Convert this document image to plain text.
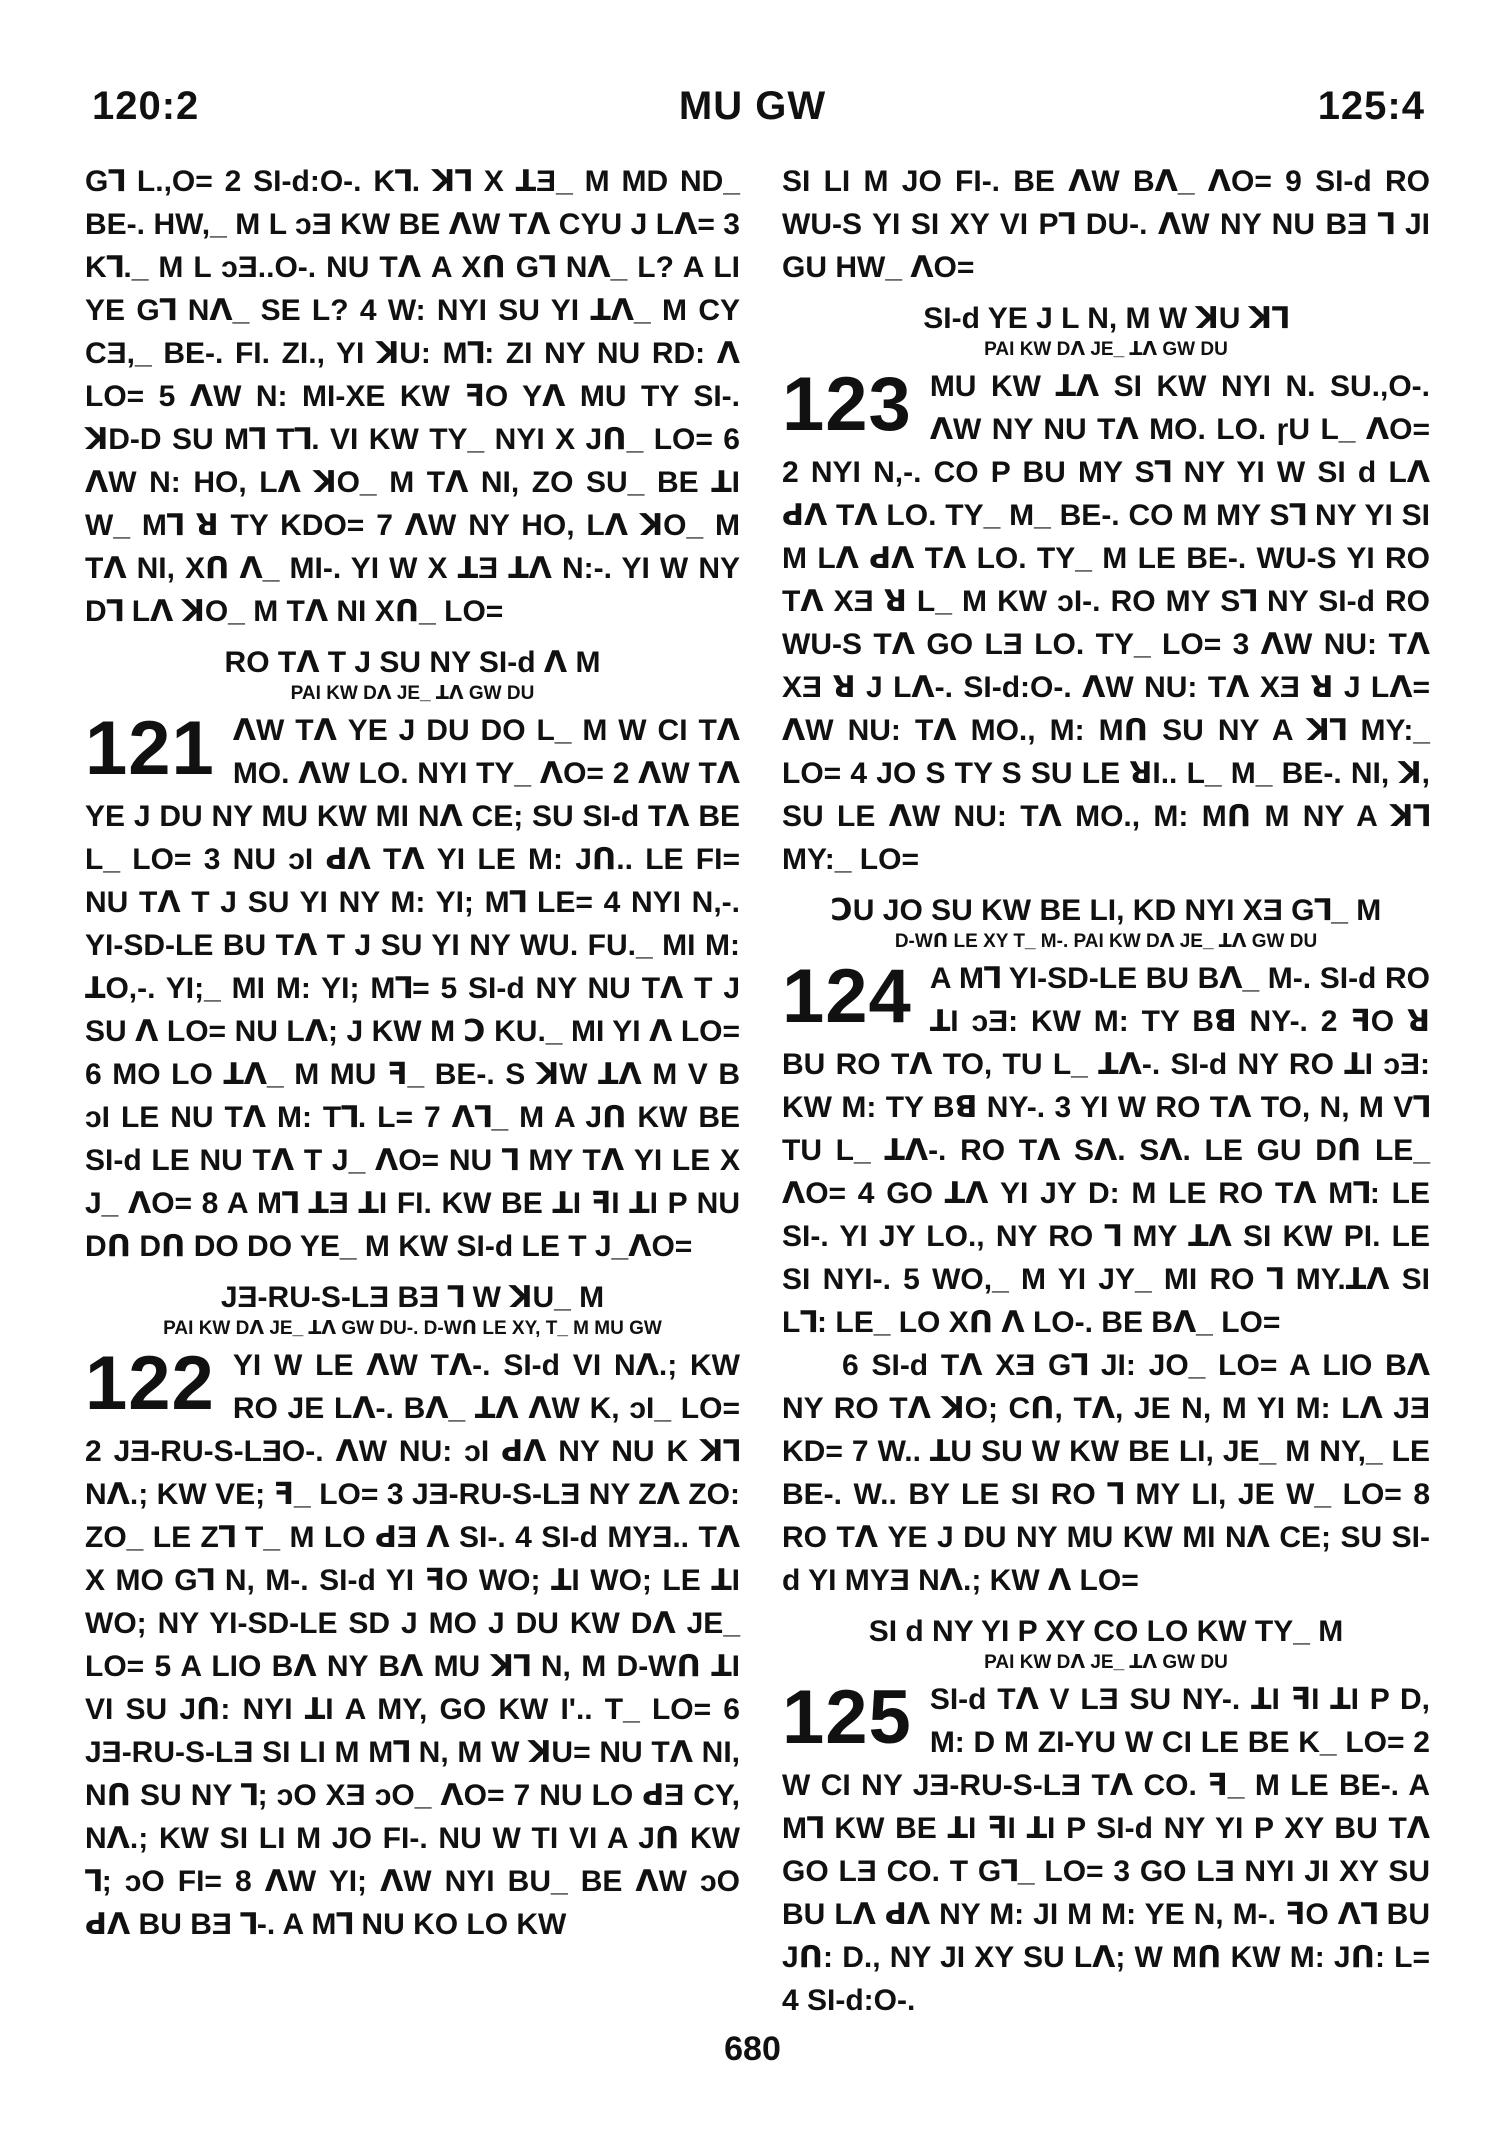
120:2	MU GW	125:4

G⅂ L.,O= 2 SI-d:O-. K⅂. ꓘ⅂ X ꓕƎ_ M MD ND_ BE-. HW,_ M L ↄƎ KW BE ꓥW Tꓥ CYU J Lꓥ= 3 K⅂._ M L ↄƎ..O-. NU Tꓥ A Xꓵ G⅂ Nꓥ_ L? A LI YE G⅂ Nꓥ_ SE L? 4 W: NYI SU YI ꓕꓥ_ M CY CƎ,_ BE-. FI. ZI., YI ꓘU: M⅂: ZI NY NU RD: ꓥ LO= 5 ꓥW N: MI-XE KW ꟻO Yꓥ MU TY SI-. ꓘD-D SU M⅂ T⅂. VI KW TY_ NYI X Jꓵ_ LO= 6 ꓥW N: HO, Lꓥ ꓘO_ M Tꓥ NI, ZO SU_ BE ꓕI W_ M⅂ ꓤ TY KDO= 7 ꓥW NY HO, Lꓥ ꓘO_ M Tꓥ NI, Xꓵ ꓥ_ MI-. YI W X ꓕƎ ꓕꓥ N:-. YI W NY D⅂ Lꓥ ꓘO_ M Tꓥ NI Xꓵ_ LO=

RO Tꓥ T J SU NY SI-d ꓥ M
PAI KW Dꓥ JE_ ꓕꓥ GW DU
121 ꓥW Tꓥ YE J DU DO L_ M W CI Tꓥ MO. ꓥW LO. NYI TY_ ꓥO= 2 ꓥW Tꓥ YE J DU NY MU KW MI Nꓥ CE; SU SI-d Tꓥ BE L_ LO= 3 NU ↄI ꓒꓥ Tꓥ YI LE M: Jꓵ.. LE FI= NU Tꓥ T J SU YI NY M: YI; M⅂ LE= 4 NYI N,-. YI-SD-LE BU Tꓥ T J SU YI NY WU. FU._ MI M: ꓕO,-. YI;_ MI M: YI; M⅂= 5 SI-d NY NU Tꓥ T J SU ꓥ LO= NU Lꓥ; J KW M Ↄ KU._ MI YI ꓥ LO= 6 MO LO ꓕꓥ_ M MU ꟻ_ BE-. S ꓘW ꓕꓥ M V B ↄI LE NU Tꓥ M: T⅂. L= 7 ꓥ⅂_ M A Jꓵ KW BE SI-d LE NU Tꓥ T J_ ꓥO= NU ⅂ MY Tꓥ YI LE X J_ ꓥO= 8 A M⅂ ꓕƎ ꓕI FI. KW BE ꓕI ꟻI ꓕI P NU Dꓵ Dꓵ DO DO YE_ M KW SI-d LE T J_ꓥO=
JƎ-RU-S-LƎ BƎ ⅂ W ꓘU_ M
PAI KW Dꓥ JE_ ꓕꓥ GW DU-. D-Wꓵ LE XY, T_ M MU GW
122 YI W LE ꓥW Tꓥ-. SI-d VI Nꓥ.; KW RO JE Lꓥ-. Bꓥ_ ꓕꓥ ꓥW K, ↄI_ LO= 2 JƎ-RU-S-LƎO-. ꓥW NU: ↄI ꓒꓥ NY NU K ꓘ⅂ Nꓥ.; KW VE; ꟻ_ LO= 3 JƎ-RU-S-LƎ NY Zꓥ ZO: ZO_ LE Z⅂ T_ M LO ꓒƎ ꓥ SI-. 4 SI-d MYƎ.. Tꓥ X MO G⅂ N, M-. SI-d YI ꟻO WO; ꓕI WO; LE ꓕI WO; NY YI-SD-LE SD J MO J DU KW Dꓥ JE_ LO= 5 A LIO Bꓥ NY Bꓥ MU ꓘ⅂ N, M D-Wꓵ ꓕI VI SU Jꓵ: NYI ꓕI A MY, GO KW I'.. T_ LO= 6 JƎ-RU-S-LƎ SI LI M M⅂ N, M W ꓘU= NU Tꓥ NI, Nꓵ SU NY ⅂; ↄO XƎ ↄO_ ꓥO= 7 NU LO ꓒƎ CY, Nꓥ.; KW SI LI M JO FI-. NU W TI VI A Jꓵ KW ⅂; ↄO FI= 8 ꓥW YI; ꓥW NYI BU_ BE ꓥW ↄO ꓒꓥ BU BƎ ⅂-. A M⅂ NU KO LO KW

SI LI M JO FI-. BE ꓥW Bꓥ_ ꓥO= 9 SI-d RO WU-S YI SI XY VI P⅂ DU-. ꓥW NY NU BƎ ⅂ JI GU HW_ ꓥO=

SI-d YE J L N, M W ꓘU ꓘ⅂
PAI KW Dꓥ JE_ ꓕꓥ GW DU
123 MU KW ꓕꓥ SI KW NYI N. SU.,O-. ꓥW NY NU Tꓥ MO. LO. ɼU L_ ꓥO= 2 NYI N,-. CO P BU MY S⅂ NY YI W SI d Lꓥ ꓒꓥ Tꓥ LO. TY_ M_ BE-. CO M MY S⅂ NY YI SI M Lꓥ ꓒꓥ Tꓥ LO. TY_ M LE BE-. WU-S YI RO Tꓥ XƎ ꓤ L_ M KW ↄI-. RO MY S⅂ NY SI-d RO WU-S Tꓥ GO LƎ LO. TY_ LO= 3 ꓥW NU: Tꓥ XƎ ꓤ J Lꓥ-. SI-d:O-. ꓥW NU: Tꓥ XƎ ꓤ J Lꓥ= ꓥW NU: Tꓥ MO., M: Mꓵ SU NY A ꓘ⅂ MY:_ LO= 4 JO S TY S SU LE ꓤI.. L_ M_ BE-. NI, ꓘ, SU LE ꓥW NU: Tꓥ MO., M: Mꓵ M NY A ꓘ⅂ MY:_ LO=
ↃU JO SU KW BE LI, KD NYI XƎ G⅂_ M
D-Wꓵ LE XY T_ M-. PAI KW Dꓥ JE_ ꓕꓥ GW DU
124 A M⅂ YI-SD-LE BU Bꓥ_ M-. SI-d RO ꓕI ↄƎ: KW M: TY Bꓭ NY-. 2 ꟻO ꓤ BU RO Tꓥ TO, TU L_ ꓕꓥ-. SI-d NY RO ꓕI ↄƎ: KW M: TY Bꓭ NY-. 3 YI W RO Tꓥ TO, N, M V⅂ TU L_ ꓕꓥ-. RO Tꓥ Sꓥ. Sꓥ. LE GU Dꓵ LE_ ꓥO= 4 GO ꓕꓥ YI JY D: M LE RO Tꓥ M⅂: LE SI-. YI JY LO., NY RO ⅂ MY ꓕꓥ SI KW PI. LE SI NYI-. 5 WO,_ M YI JY_ MI RO ⅂ MY.ꓕꓥ SI L⅂: LE_ LO Xꓵ ꓥ LO-. BE Bꓥ_ LO=

6 SI-d Tꓥ XƎ G⅂ JI: JO_ LO= A LIO Bꓥ NY RO Tꓥ ꓘO; Cꓵ, Tꓥ, JE N, M YI M: Lꓥ JƎ KD= 7 W.. ꓕU SU W KW BE LI, JE_ M NY,_ LE BE-. W.. BY LE SI RO ⅂ MY LI, JE W_ LO= 8 RO Tꓥ YE J DU NY MU KW MI Nꓥ CE; SU SI-d YI MYƎ Nꓥ.; KW ꓥ LO=

SI d NY YI P XY CO LO KW TY_ M
PAI KW Dꓥ JE_ ꓕꓥ GW DU
125 SI-d Tꓥ V LƎ SU NY-. ꓕI ꟻI ꓕI P D, M: D M ZI-YU W CI LE BE K_ LO= 2 W CI NY JƎ-RU-S-LƎ Tꓥ CO. ꟻ_ M LE BE-. A M⅂ KW BE ꓕI ꟻI ꓕI P SI-d NY YI P XY BU Tꓥ GO LƎ CO. T G⅂_ LO= 3 GO LƎ NYI JI XY SU BU Lꓥ ꓒꓥ NY M: JI M M: YE N, M-. ꟻO ꓥ⅂ BU Jꓵ: D., NY JI XY SU Lꓥ; W Mꓵ KW M: Jꓵ: L= 4 SI-d:O-.
680
